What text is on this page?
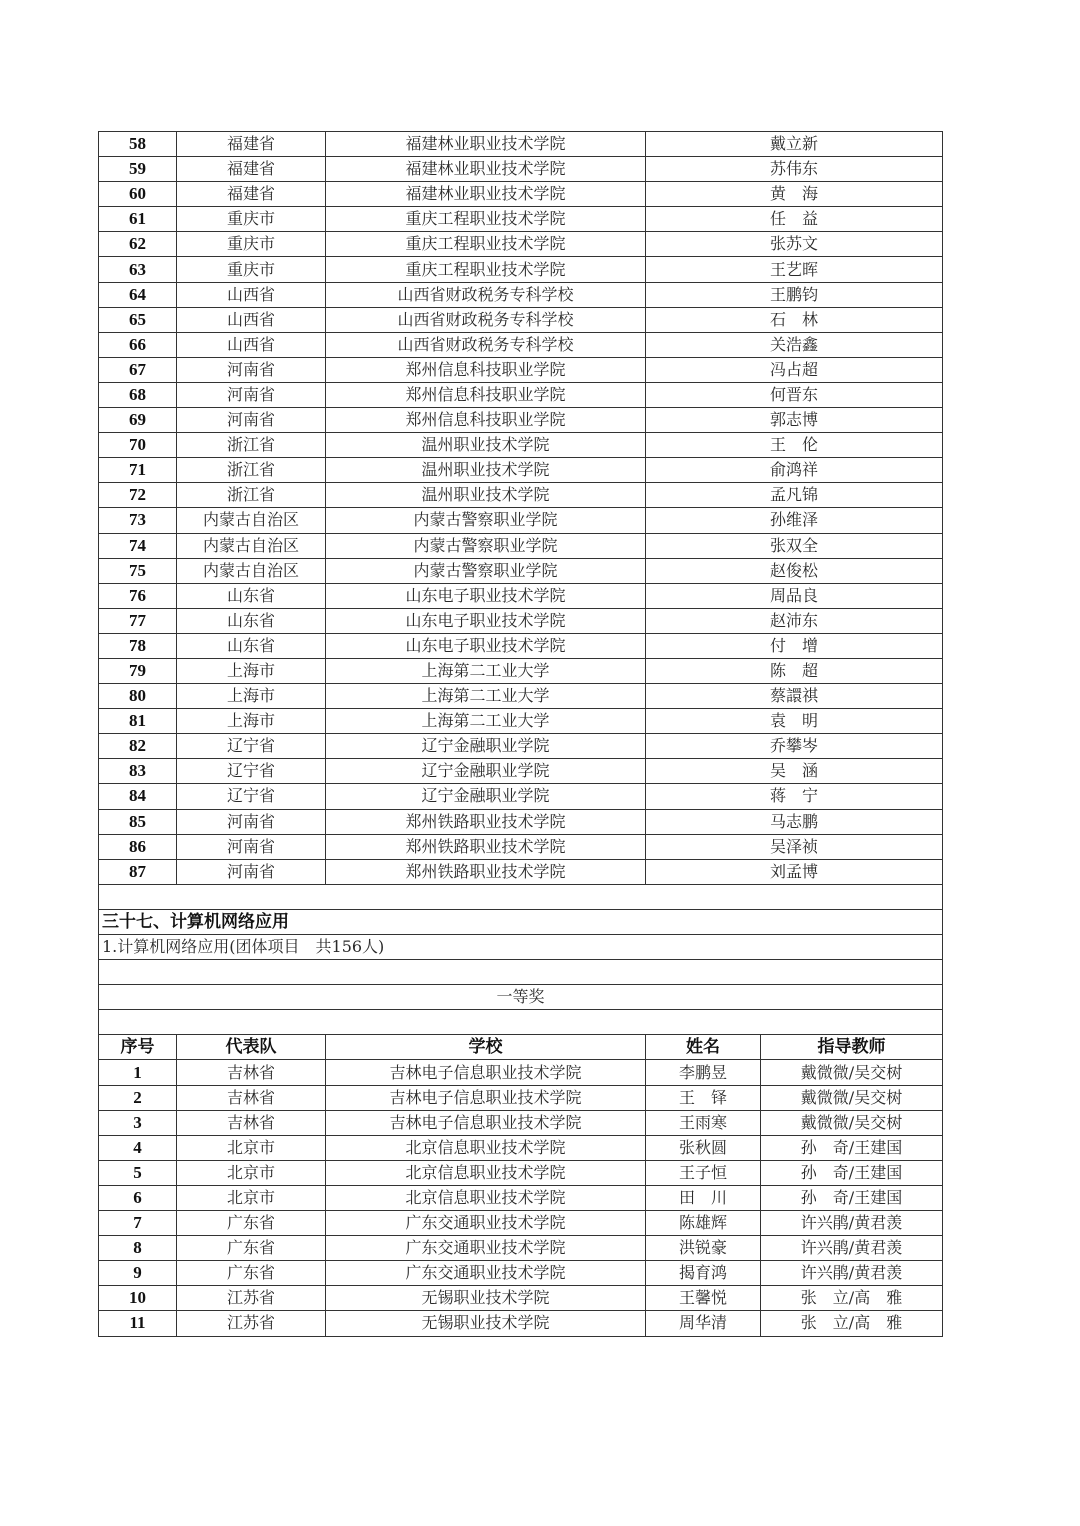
58	福建省	福建林业职业技术学院	戴立新	
59	福建省	福建林业职业技术学院	苏伟东	
60	福建省	福建林业职业技术学院	黄　海	
61	重庆市	重庆工程职业技术学院	任　益	
62	重庆市	重庆工程职业技术学院	张苏文	
63	重庆市	重庆工程职业技术学院	王艺晖	
64	山西省	山西省财政税务专科学校	王鹏钧	
65	山西省	山西省财政税务专科学校	石　林	
66	山西省	山西省财政税务专科学校	关浩鑫	
67	河南省	郑州信息科技职业学院	冯占超	
68	河南省	郑州信息科技职业学院	何晋东	
69	河南省	郑州信息科技职业学院	郭志博	
70	浙江省	温州职业技术学院	王　伦	
71	浙江省	温州职业技术学院	俞鸿祥	
72	浙江省	温州职业技术学院	孟凡锦	
73	内蒙古自治区	内蒙古警察职业学院	孙维泽	
74	内蒙古自治区	内蒙古警察职业学院	张双全	
75	内蒙古自治区	内蒙古警察职业学院	赵俊松	
76	山东省	山东电子职业技术学院	周品良	
77	山东省	山东电子职业技术学院	赵沛东	
78	山东省	山东电子职业技术学院	付　增	
79	上海市	上海第二工业大学	陈　超	
80	上海市	上海第二工业大学	蔡譞祺	
81	上海市	上海第二工业大学	袁　明	
82	辽宁省	辽宁金融职业学院	乔攀岑	
83	辽宁省	辽宁金融职业学院	吴　涵	
84	辽宁省	辽宁金融职业学院	蒋　宁	
85	河南省	郑州铁路职业技术学院	马志鹏	
86	河南省	郑州铁路职业技术学院	吴泽祯	
87	河南省	郑州铁路职业技术学院	刘孟博	

三十七、计算机网络应用				
1.计算机网络应用(团体项目　共156人)				

一等奖				

序号	代表队	学校	姓名	指导教师
1	吉林省	吉林电子信息职业技术学院	李鹏昱	戴微微/吴交树
2	吉林省	吉林电子信息职业技术学院	王　铎	戴微微/吴交树
3	吉林省	吉林电子信息职业技术学院	王雨寒	戴微微/吴交树
4	北京市	北京信息职业技术学院	张秋圆	孙　奇/王建国
5	北京市	北京信息职业技术学院	王子恒	孙　奇/王建国
6	北京市	北京信息职业技术学院	田　川	孙　奇/王建国
7	广东省	广东交通职业技术学院	陈雄辉	许兴鹃/黄君羡
8	广东省	广东交通职业技术学院	洪锐豪	许兴鹃/黄君羡
9	广东省	广东交通职业技术学院	揭育鸿	许兴鹃/黄君羡
10	江苏省	无锡职业技术学院	王馨悦	张　立/高　雅
11	江苏省	无锡职业技术学院	周华清	张　立/高　雅
